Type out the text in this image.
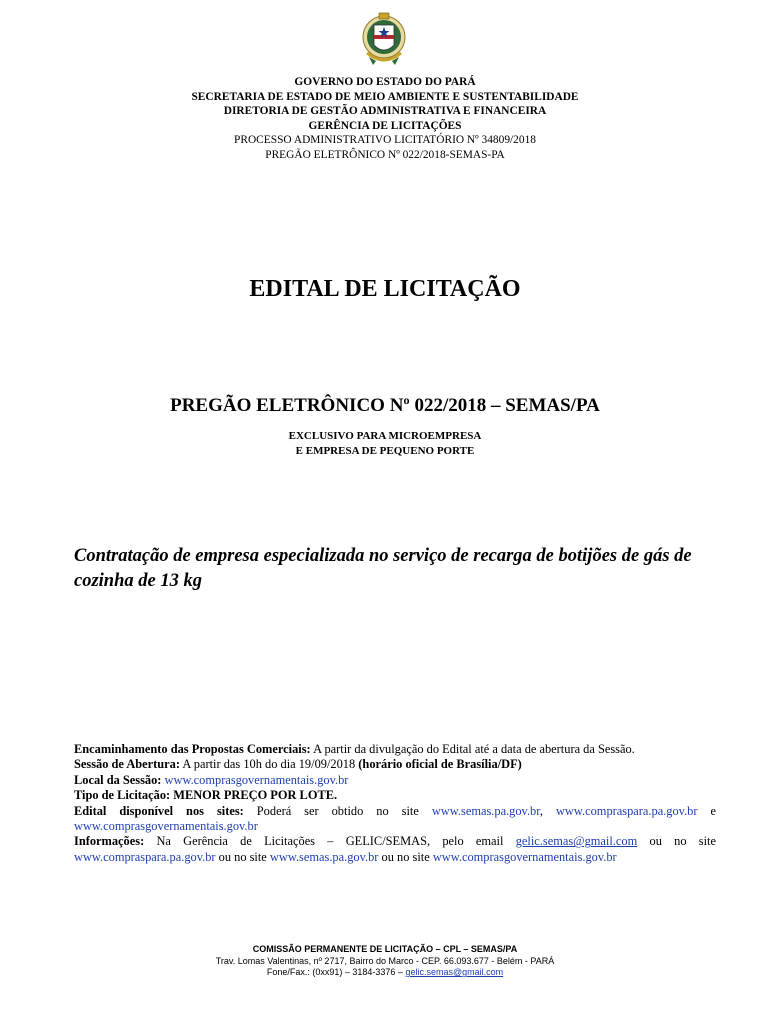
GOVERNO DO ESTADO DO PARÁ
SECRETARIA DE ESTADO DE MEIO AMBIENTE E SUSTENTABILIDADE
DIRETORIA DE GESTÃO ADMINISTRATIVA E FINANCEIRA
GERÊNCIA DE LICITAÇÕES
PROCESSO ADMINISTRATIVO LICITATÓRIO Nº 34809/2018
PREGÃO ELETRÔNICO Nº 022/2018-SEMAS-PA
EDITAL DE LICITAÇÃO
PREGÃO ELETRÔNICO Nº 022/2018 – SEMAS/PA
EXCLUSIVO PARA MICROEMPRESA
E EMPRESA DE PEQUENO PORTE
Contratação de empresa especializada no serviço de recarga de botijões de gás de cozinha de 13 kg

Encaminhamento das Propostas Comerciais: A partir da divulgação do Edital até a data de abertura da Sessão.

Sessão de Abertura: A partir das 10h do dia 19/09/2018 (horário oficial de Brasília/DF)

Local da Sessão: www.comprasgovernamentais.gov.br

Tipo de Licitação: MENOR PREÇO POR LOTE.

Edital disponível nos sites: Poderá ser obtido no site www.semas.pa.gov.br, www.compraspara.pa.gov.br e www.comprasgovernamentais.gov.br

Informações: Na Gerência de Licitações – GELIC/SEMAS, pelo email gelic.semas@gmail.com ou no site www.compraspara.pa.gov.br ou no site www.semas.pa.gov.br ou no site www.comprasgovernamentais.gov.br

COMISSÃO PERMANENTE DE LICITAÇÃO – CPL – SEMAS/PA
Trav. Lomas Valentinas, nº 2717, Bairro do Marco - CEP. 66.093.677 - Belém - PARÁ
Fone/Fax.: (0xx91) – 3184-3376 – gelic.semas@gmail.com
